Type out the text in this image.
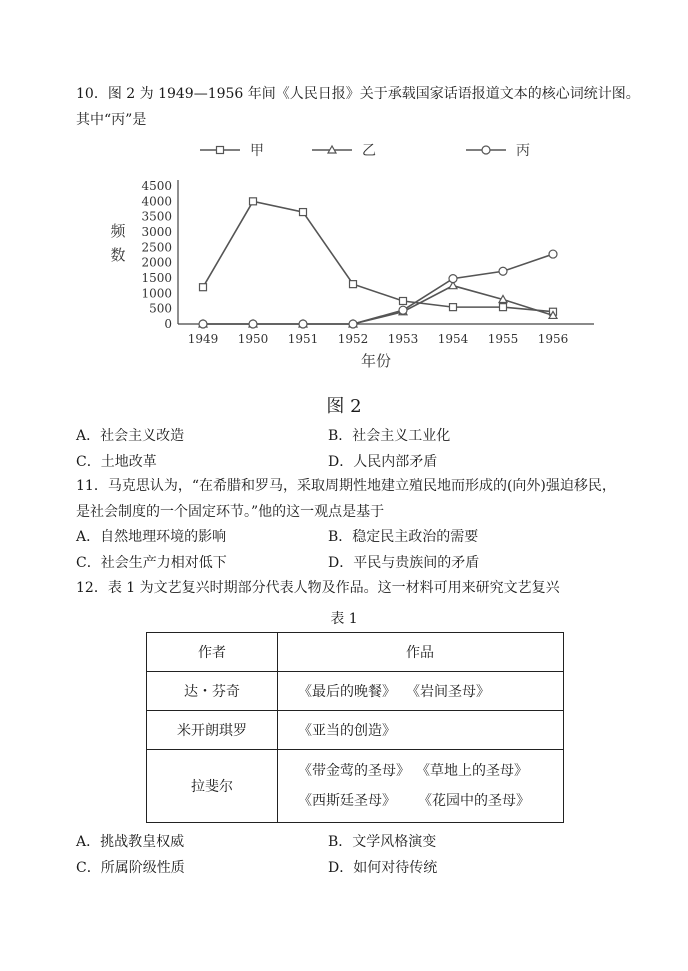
10．图 2 为 1949—1956 年间《人民日报》关于承载国家话语报道文本的核心词统计图。
其中“丙”是
甲	乙	丙
0
500
1000
1500
2000
2500
3000
3500
4000
4500
1949 1950 1951 1952 1953 1954 1955 1956
频
数
年份
图 2
A．社会主义改造	B．社会主义工业化
C．土地改革	D．人民内部矛盾
11．马克思认为，“在希腊和罗马，采取周期性地建立殖民地而形成的(向外)强迫移民，
是社会制度的一个固定环节。”他的这一观点是基于
A．自然地理环境的影响	B．稳定民主政治的需要
C．社会生产力相对低下	D．平民与贵族间的矛盾
12．表 1 为文艺复兴时期部分代表人物及作品。这一材料可用来研究文艺复兴
表 1
作者	作品
达・芬奇	《最后的晚餐》 《岩间圣母》
米开朗琪罗	《亚当的创造》
拉斐尔	《带金莺的圣母》 《草地上的圣母》
《西斯廷圣母》 《花园中的圣母》
A．挑战教皇权威	B．文学风格演变
C．所属阶级性质	D．如何对待传统
